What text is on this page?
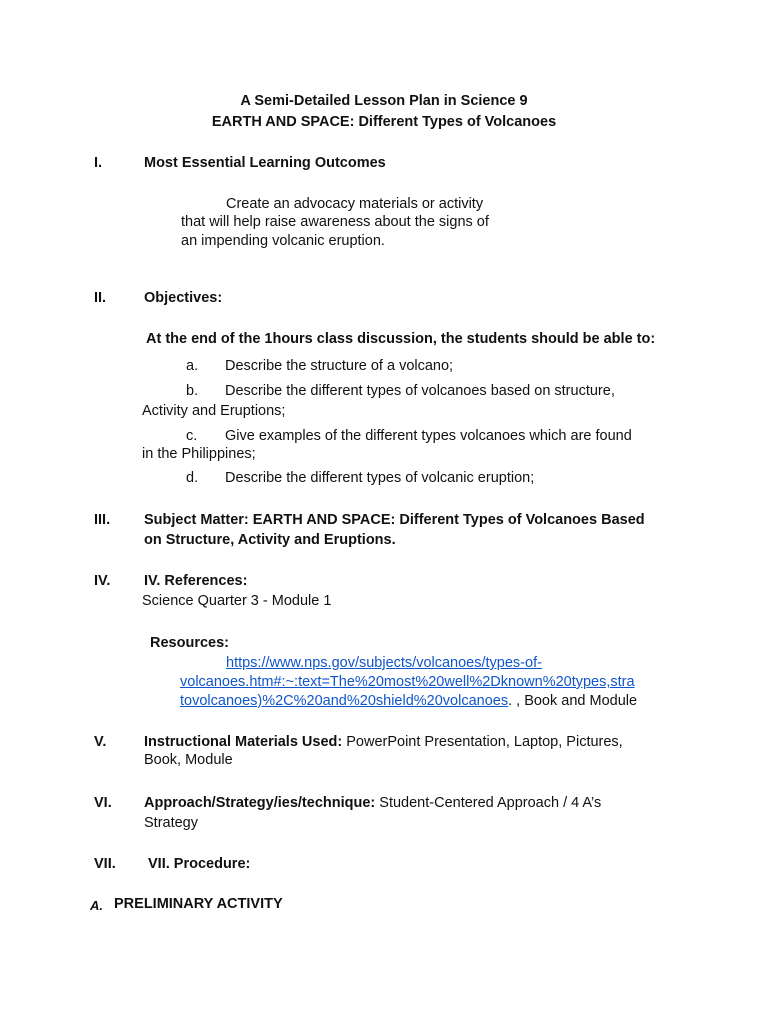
A Semi-Detailed Lesson Plan in Science 9
EARTH AND SPACE: Different Types of Volcanoes
I.	Most Essential Learning Outcomes
Create an advocacy materials or activity
that will help raise awareness about the signs of
an impending volcanic eruption.
II.	Objectives:
At the end of the 1hours class discussion, the students should be able to:
a. Describe the structure of a volcano;
b. Describe the different types of volcanoes based on structure,
Activity and Eruptions;
c. Give examples of the different types volcanoes which are found
in the Philippines;
d. Describe the different types of volcanic eruption;
III. Subject Matter: EARTH AND SPACE: Different Types of Volcanoes Based
on Structure, Activity and Eruptions.
IV. IV. References:
Science Quarter 3 - Module 1
Resources:
https://www.nps.gov/subjects/volcanoes/types-of-
volcanoes.htm#:~:text=The%20most%20well%2Dknown%20types,stra
tovolcanoes)%2C%20and%20shield%20volcanoes. , Book and Module
V.	Instructional Materials Used: PowerPoint Presentation, Laptop, Pictures,
Book, Module
VI. Approach/Strategy/ies/technique: Student-Centered Approach / 4 A’s
Strategy
VII. VII. Procedure:
A. PRELIMINARY ACTIVITY
